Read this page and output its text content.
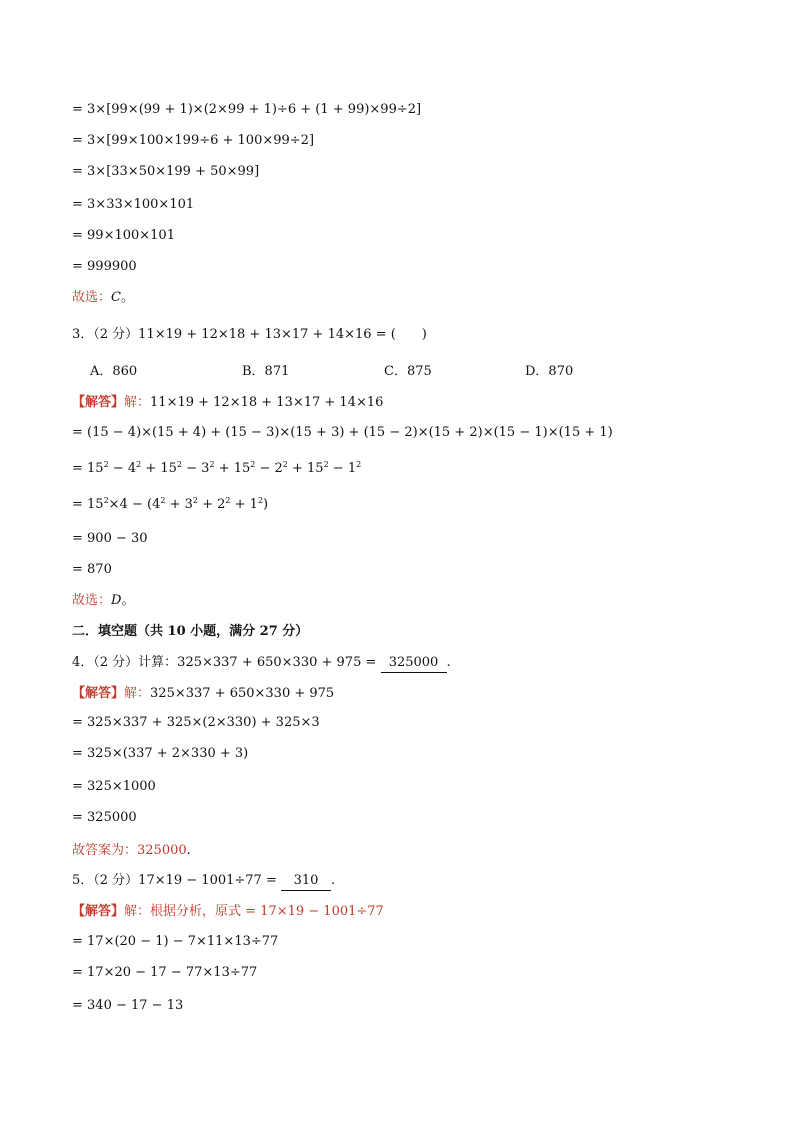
= 3×[99×(99 + 1)×(2×99 + 1)÷6 + (1 + 99)×99÷2]
= 3×[99×100×199÷6 + 100×99÷2]
= 3×[33×50×199 + 50×99]
= 3×33×100×101
= 99×100×101
= 999900
故选：C。
3．（2 分）11×19 + 12×18 + 13×17 + 14×16 = (　　)
A．860	B．871	C．875	D．870
【解答】解：11×19 + 12×18 + 13×17 + 14×16
= (15 − 4)×(15 + 4) + (15 − 3)×(15 + 3) + (15 − 2)×(15 + 2)×(15 − 1)×(15 + 1)
= $15^2 - 4^2 + 15^2 - 3^2 + 15^2 - 2^2 + 15^2 - 1^2$
= $15^2\times 4 - (4^2 + 3^2 + 2^2 + 1^2)$
= 900 − 30
= 870
故选：D。
二．填空题（共 10 小题，满分 27 分）
4．（2 分）计算：325×337 + 650×330 + 975 = 325000 .
【解答】解：325×337 + 650×330 + 975
= 325×337 + 325×(2×330) + 325×3
= 325×(337 + 2×330 + 3)
= 325×1000
= 325000
故答案为：325000.
5．（2 分）17×19 − 1001÷77 = 310 .
【解答】解：根据分析，原式 = 17×19 − 1001÷77
= 17×(20 − 1) − 7×11×13÷77
= 17×20 − 17 − 77×13÷77
= 340 − 17 − 13
